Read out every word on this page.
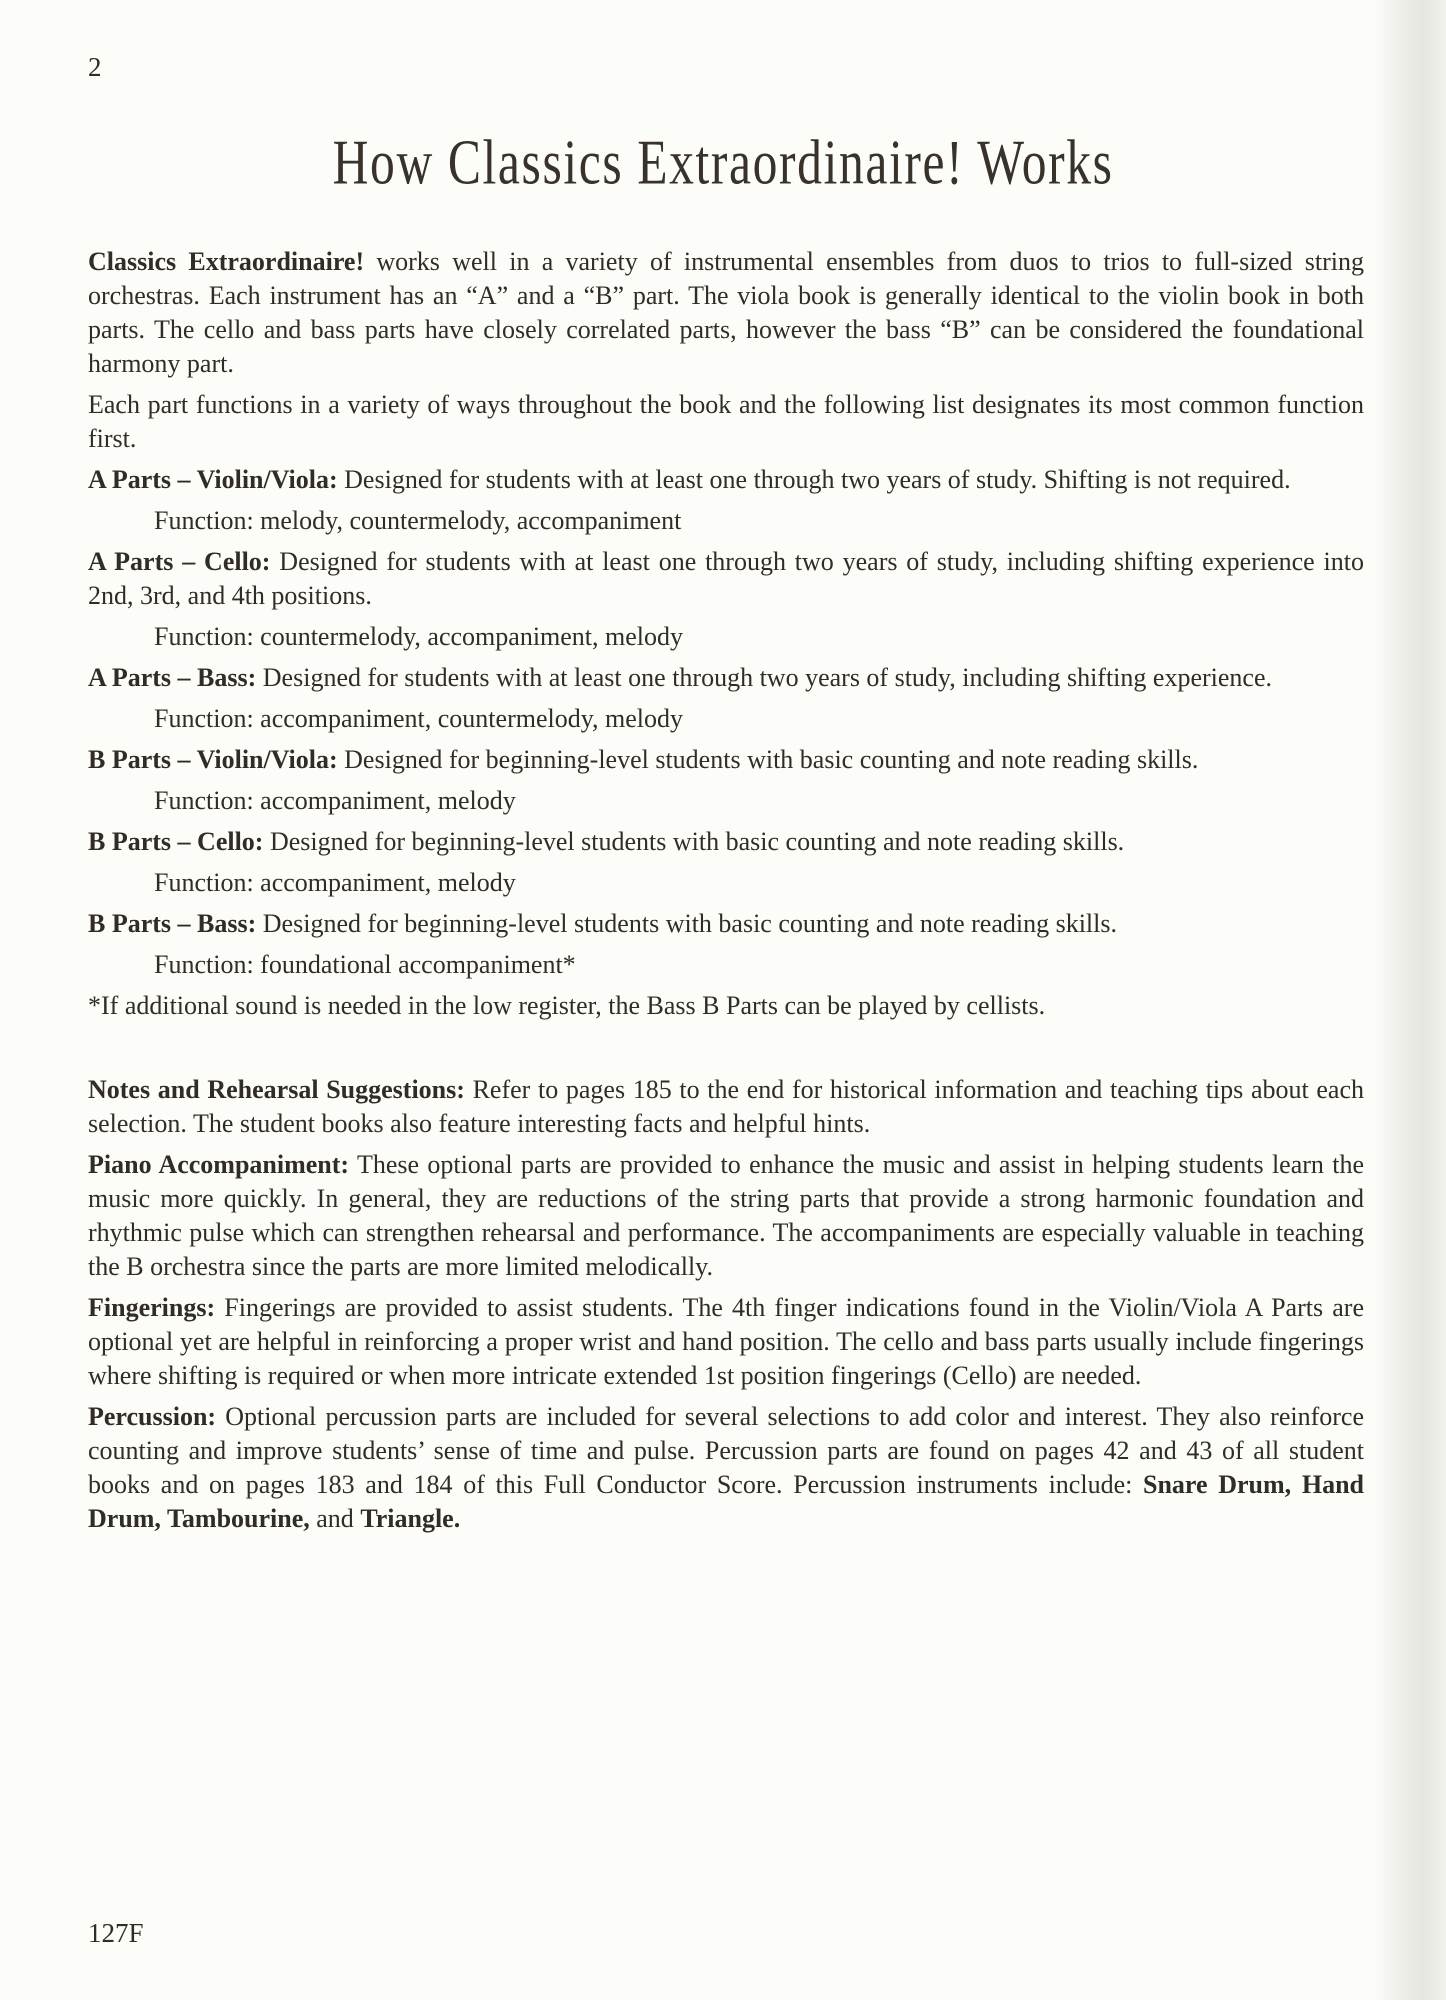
2
How Classics Extraordinaire! Works

Classics Extraordinaire! works well in a variety of instrumental ensembles from duos to trios to full-sized string orchestras. Each instrument has an “A” and a “B” part. The viola book is generally identical to the violin book in both parts. The cello and bass parts have closely correlated parts, however the bass “B” can be considered the foundational harmony part.

Each part functions in a variety of ways throughout the book and the following list designates its most common function first.

A Parts – Violin/Viola: Designed for students with at least one through two years of study. Shifting is not required.

Function: melody, countermelody, accompaniment

A Parts – Cello: Designed for students with at least one through two years of study, including shifting experience into 2nd, 3rd, and 4th positions.

Function: countermelody, accompaniment, melody

A Parts – Bass: Designed for students with at least one through two years of study, including shifting experience.

Function: accompaniment, countermelody, melody

B Parts – Violin/Viola: Designed for beginning-level students with basic counting and note reading skills.

Function: accompaniment, melody

B Parts – Cello: Designed for beginning-level students with basic counting and note reading skills.

Function: accompaniment, melody

B Parts – Bass: Designed for beginning-level students with basic counting and note reading skills.

Function: foundational accompaniment*

*If additional sound is needed in the low register, the Bass B Parts can be played by cellists.

Notes and Rehearsal Suggestions: Refer to pages 185 to the end for historical information and teaching tips about each selection. The student books also feature interesting facts and helpful hints.

Piano Accompaniment: These optional parts are provided to enhance the music and assist in helping students learn the music more quickly. In general, they are reductions of the string parts that provide a strong harmonic foundation and rhythmic pulse which can strengthen rehearsal and performance. The accompaniments are especially valuable in teaching the B orchestra since the parts are more limited melodically.

Fingerings: Fingerings are provided to assist students. The 4th finger indications found in the Violin/Viola A Parts are optional yet are helpful in reinforcing a proper wrist and hand position. The cello and bass parts usually include fingerings where shifting is required or when more intricate extended 1st position fingerings (Cello) are needed.

Percussion: Optional percussion parts are included for several selections to add color and interest. They also reinforce counting and improve students’ sense of time and pulse. Percussion parts are found on pages 42 and 43 of all student books and on pages 183 and 184 of this Full Conductor Score. Percussion instruments include: Snare Drum, Hand Drum, Tambourine, and Triangle.

127F
